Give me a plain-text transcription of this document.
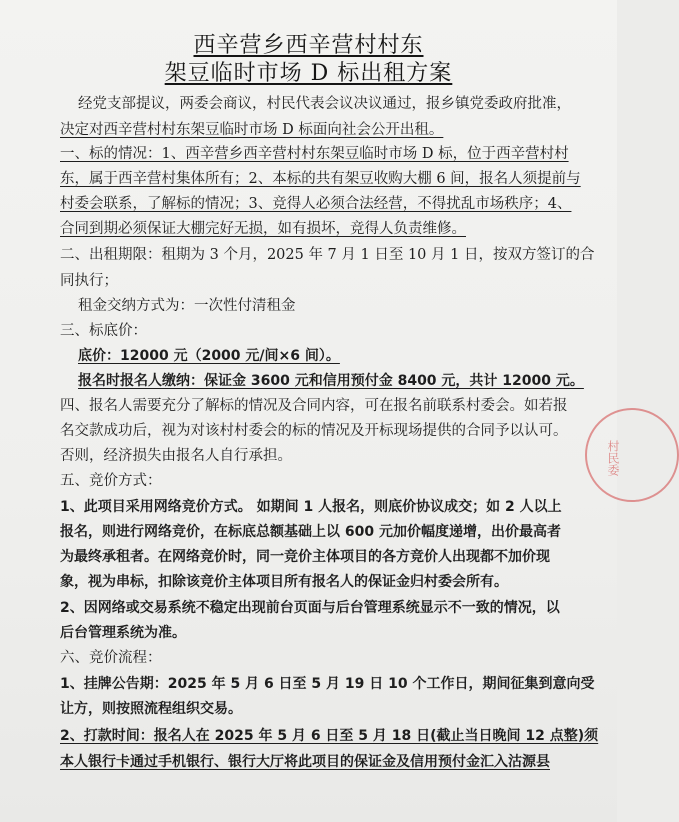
西辛营乡西辛营村村东
架豆临时市场 D 标出租方案
经党支部提议，两委会商议，村民代表会议决议通过，报乡镇党委政府批准，
决定对西辛营村村东架豆临时市场 D 标面向社会公开出租。
一、标的情况：1、西辛营乡西辛营村村东架豆临时市场 D 标，位于西辛营村村
东，属于西辛营村集体所有；2、本标的共有架豆收购大棚 6 间，报名人须提前与
村委会联系，了解标的情况；3、竞得人必须合法经营，不得扰乱市场秩序；4、
合同到期必须保证大棚完好无损，如有损坏，竞得人负责维修。
二、出租期限：租期为 3 个月，2025 年 7 月 1 日至 10 月 1 日，按双方签订的合
同执行；
租金交纳方式为：一次性付清租金
三、标底价：
底价：12000 元（2000 元/间×6 间）。
报名时报名人缴纳：保证金 3600 元和信用预付金 8400 元，共计 12000 元。
四、报名人需要充分了解标的情况及合同内容，可在报名前联系村委会。如若报
名交款成功后，视为对该村村委会的标的情况及开标现场提供的合同予以认可。
否则，经济损失由报名人自行承担。
五、竞价方式：
1、此项目采用网络竞价方式。 如期间 1 人报名，则底价协议成交；如 2 人以上
报名，则进行网络竞价，在标底总额基础上以 600 元加价幅度递增，出价最高者
为最终承租者。在网络竞价时，同一竞价主体项目的各方竞价人出现都不加价现
象，视为串标，扣除该竞价主体项目所有报名人的保证金归村委会所有。
2、因网络或交易系统不稳定出现前台页面与后台管理系统显示不一致的情况，以
后台管理系统为准。
六、竞价流程：
1、挂牌公告期：2025 年 5 月 6 日至 5 月 19 日 10 个工作日，期间征集到意向受
让方，则按照流程组织交易。
2、打款时间：报名人在 2025 年 5 月 6 日至 5 月 18 日(截止当日晚间 12 点整)须
本人银行卡通过手机银行、银行大厅将此项目的保证金及信用预付金汇入沽源县
村民委
